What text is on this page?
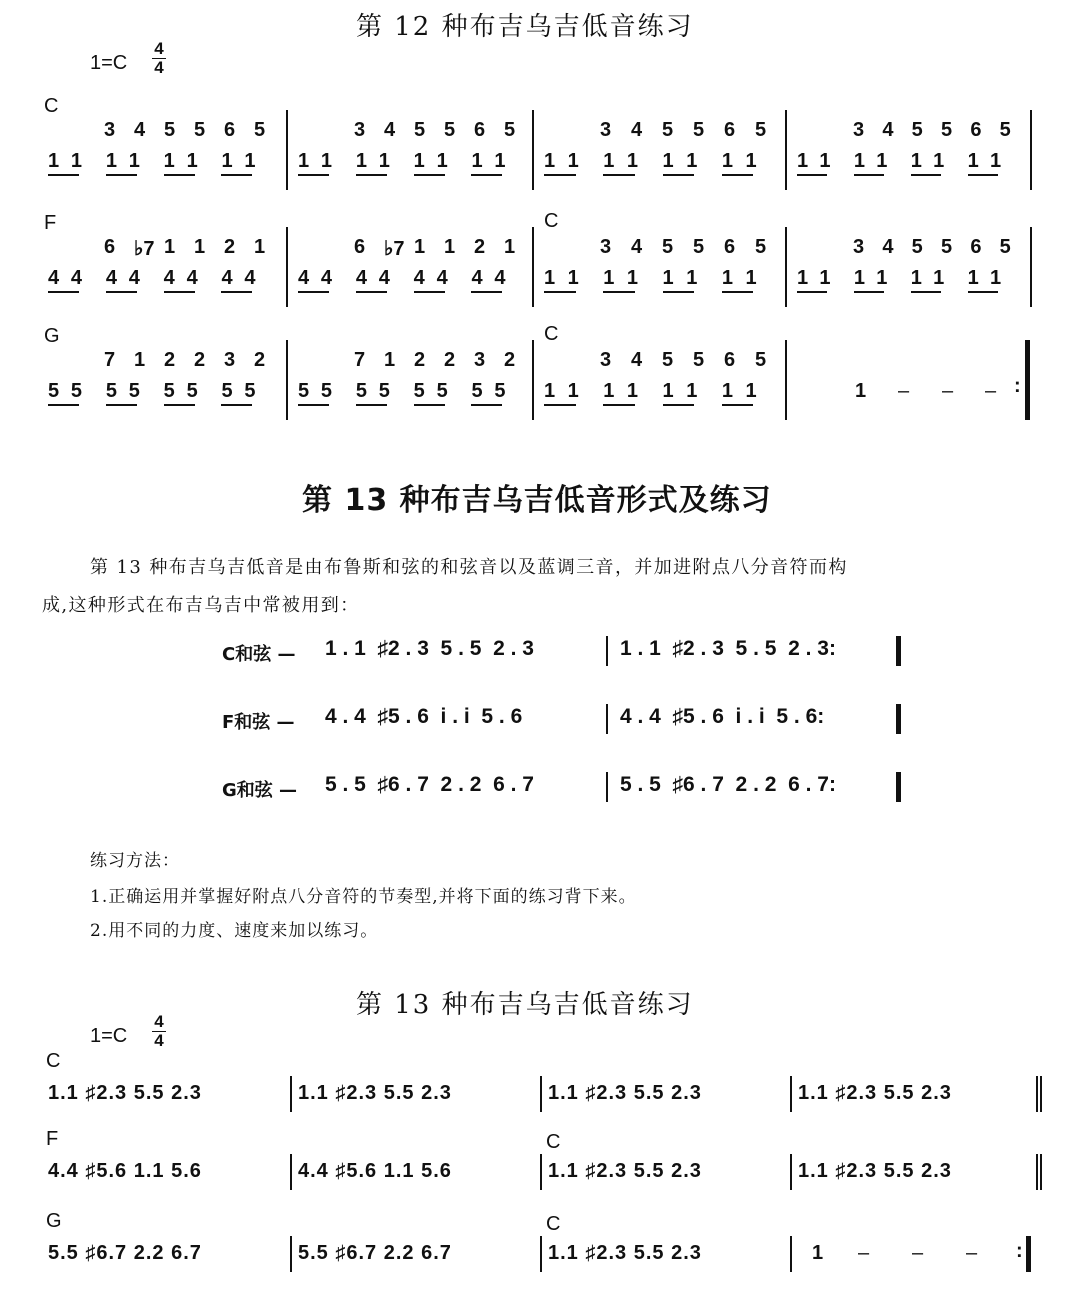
第 12 种布吉乌吉低音练习
1=C
4
4
C
1 1 1 1 1 1 1 1
3 4 5 5 6 5
1 1 1 1 1 1 1 1
3 4 5 5 6 5
1 1 1 1 1 1 1 1
3 4 5 5 6 5
1 1 1 1 1 1 1 1
3 4 5 5 6 5
F	C
4 4 4 4 4 4 4 4
6 ♭7 1 1 2 1
4 4 4 4 4 4 4 4
6 ♭7 1 1 2 1
1 1 1 1 1 1 1 1
3 4 5 5 6 5
1 1 1 1 1 1 1 1
3 4 5 5 6 5
G	C
5 5 5 5 5 5 5 5
7 1 2 2 3 2
5 5 5 5 5 5 5 5
7 1 2 2 3 2
1 1 1 1 1 1 1 1
3 4 5 5 6 5
1 – – – :
第 13 种布吉乌吉低音形式及练习
第 13 种布吉乌吉低音是由布鲁斯和弦的和弦音以及蓝调三音，并加进附点八分音符而构
成,这种形式在布吉乌吉中常被用到：
C和弦 — 1 . 1  ♯2 . 3  5 . 5  2 . 3	1 . 1  ♯2 . 3  5 . 5  2 . 3:
F和弦 — 4 . 4  ♯5 . 6  i . i  5 . 6	4 . 4  ♯5 . 6  i . i  5 . 6:
G和弦 — 5 . 5  ♯6 . 7  2 . 2  6 . 7	5 . 5  ♯6 . 7  2 . 2  6 . 7:
练习方法：
1.正确运用并掌握好附点八分音符的节奏型,并将下面的练习背下来。
2.用不同的力度、速度来加以练习。
第 13 种布吉乌吉低音练习
1=C
4
4
C
1.1 ♯2.3 5.5 2.3	1.1 ♯2.3 5.5 2.3	1.1 ♯2.3 5.5 2.3	1.1 ♯2.3 5.5 2.3
F	C
4.4 ♯5.6 1.1 5.6	4.4 ♯5.6 1.1 5.6	1.1 ♯2.3 5.5 2.3	1.1 ♯2.3 5.5 2.3
G	C
5.5 ♯6.7 2.2 6.7	5.5 ♯6.7 2.2 6.7	1.1 ♯2.3 5.5 2.3	1 – – – :
